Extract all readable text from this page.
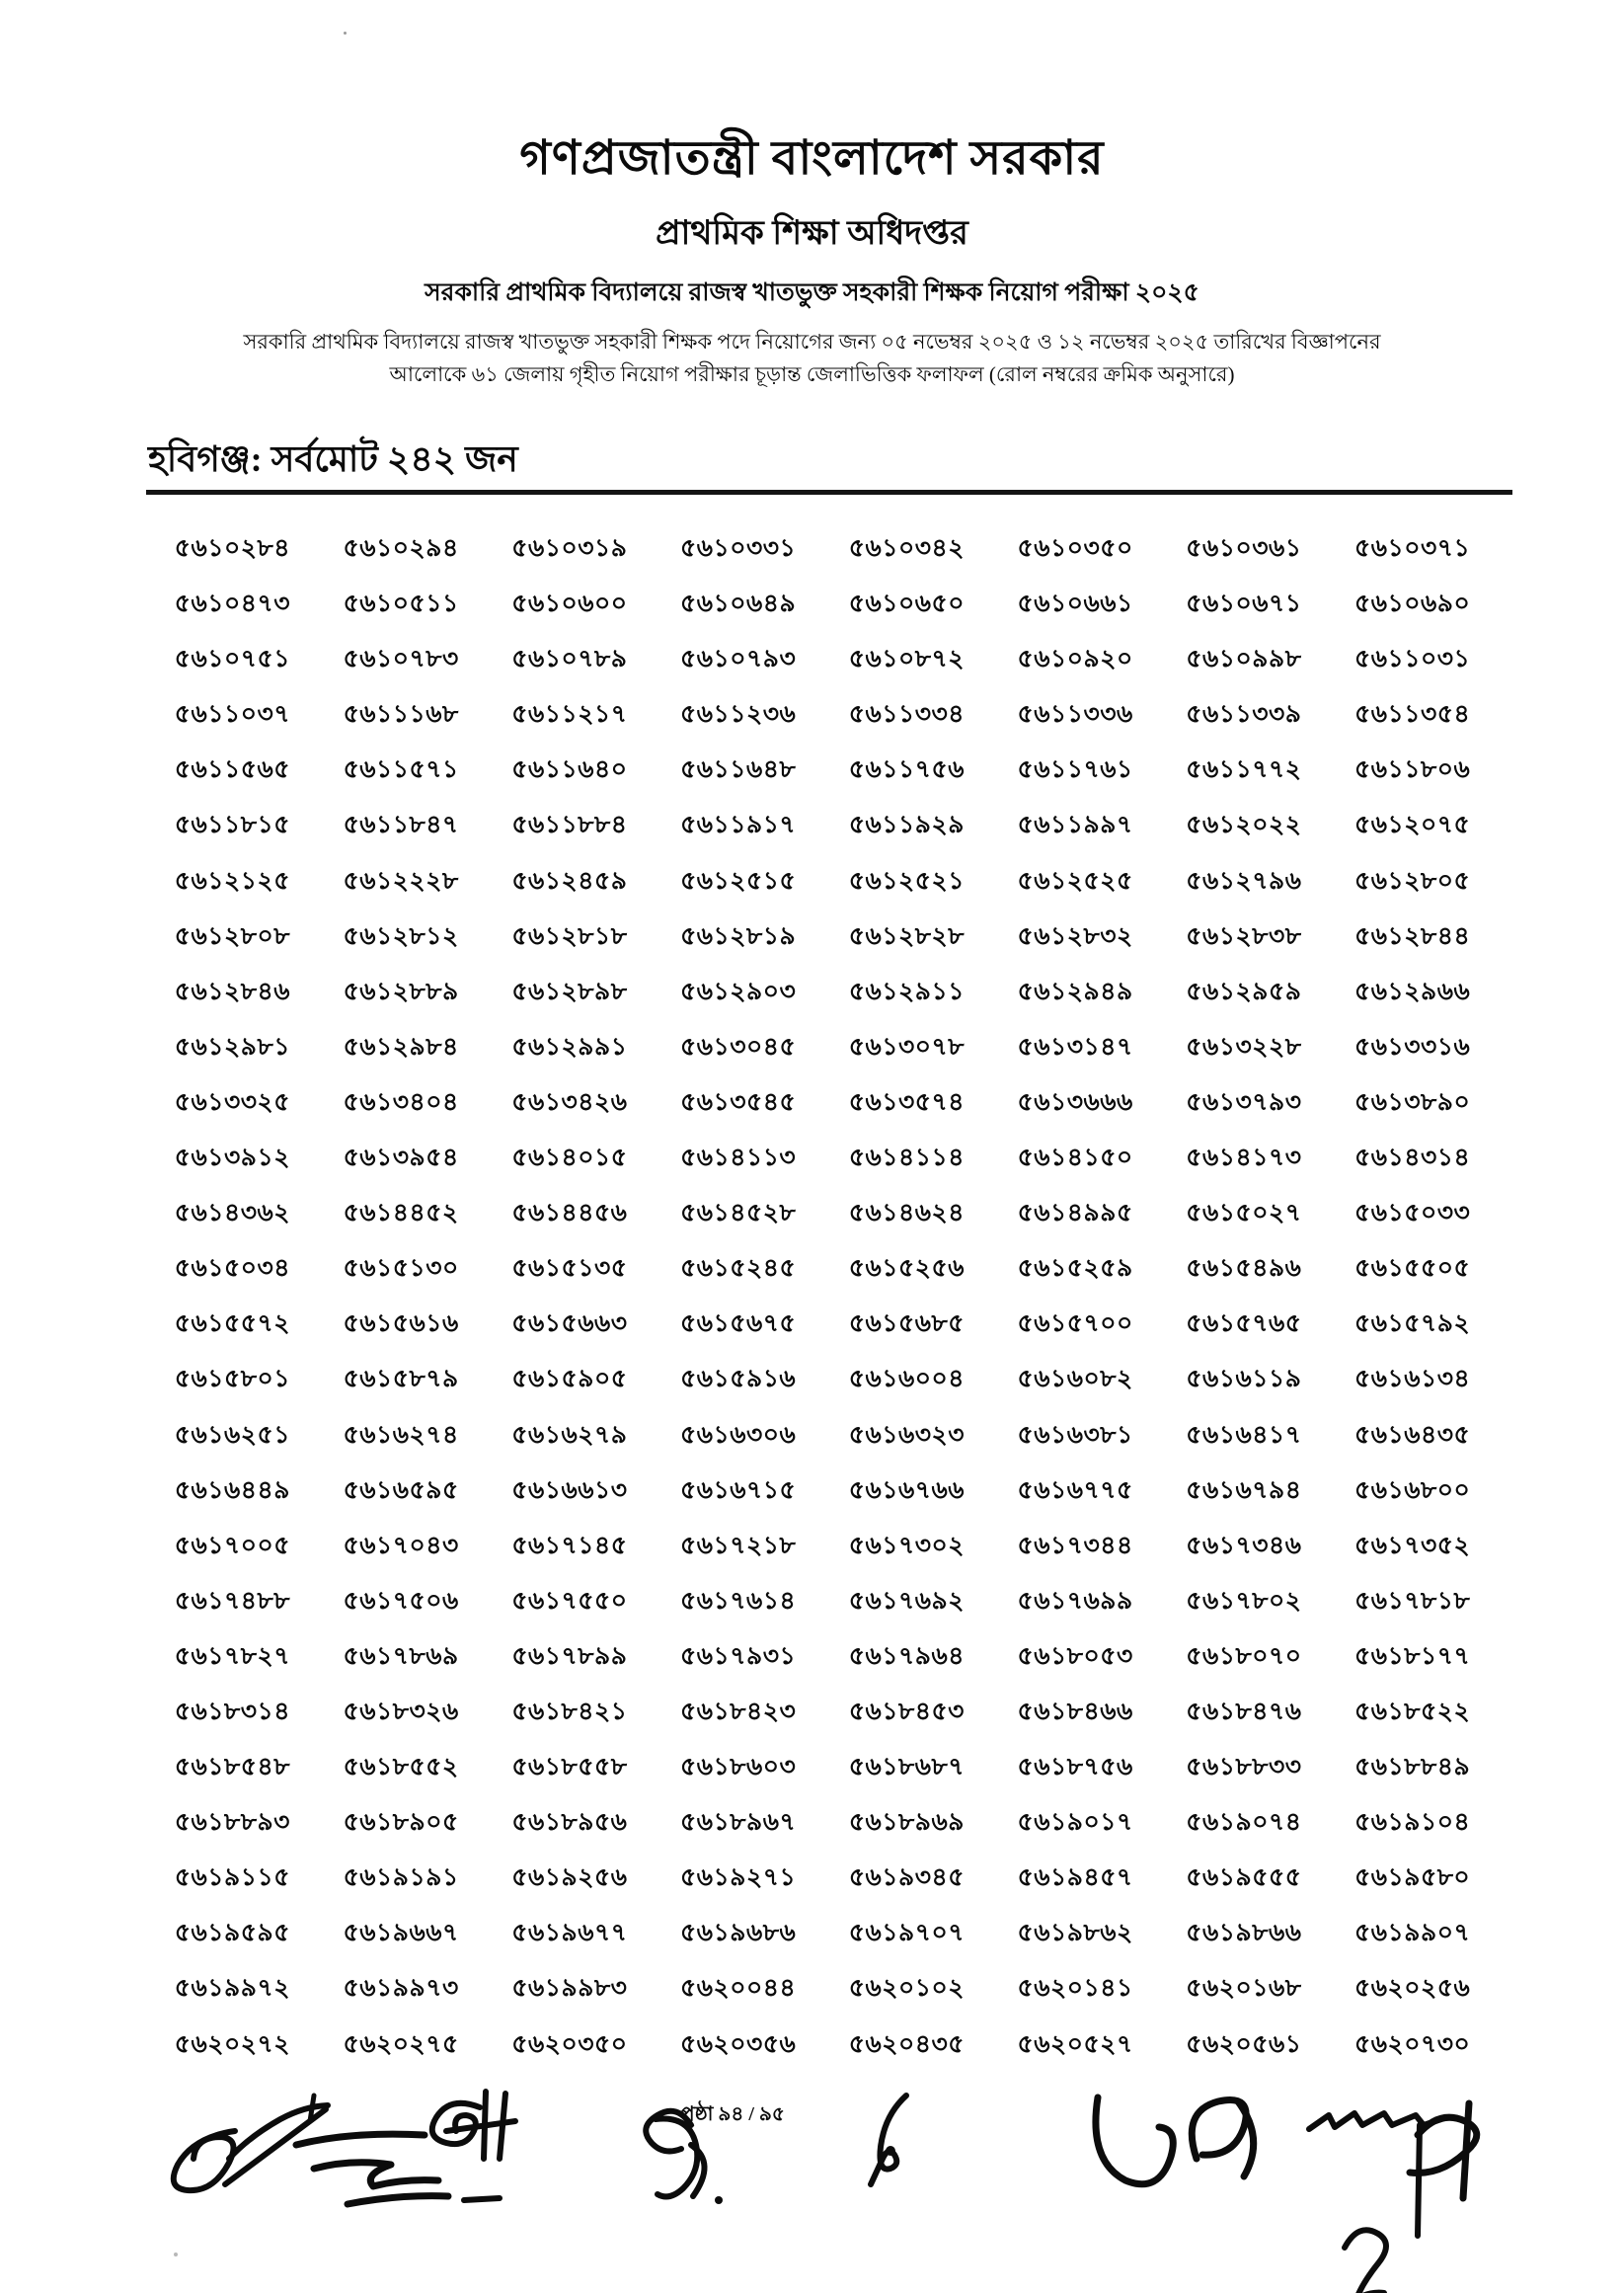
গণপ্রজাতন্ত্রী বাংলাদেশ সরকার
প্রাথমিক শিক্ষা অধিদপ্তর
সরকারি প্রাথমিক বিদ্যালয়ে রাজস্ব খাতভুক্ত সহকারী শিক্ষক নিয়োগ পরীক্ষা ২০২৫
সরকারি প্রাথমিক বিদ্যালয়ে রাজস্ব খাতভুক্ত সহকারী শিক্ষক পদে নিয়োগের জন্য ০৫ নভেম্বর ২০২৫ ও ১২ নভেম্বর ২০২৫ তারিখের বিজ্ঞাপনের
আলোকে ৬১ জেলায় গৃহীত নিয়োগ পরীক্ষার চূড়ান্ত জেলাভিত্তিক ফলাফল (রোল নম্বরের ক্রমিক অনুসারে)
হবিগঞ্জ: সর্বমোট ২৪২ জন
৫৬১০২৮৪	৫৬১০২৯৪	৫৬১০৩১৯	৫৬১০৩৩১	৫৬১০৩৪২	৫৬১০৩৫০	৫৬১০৩৬১	৫৬১০৩৭১
৫৬১০৪৭৩	৫৬১০৫১১	৫৬১০৬০০	৫৬১০৬৪৯	৫৬১০৬৫০	৫৬১০৬৬১	৫৬১০৬৭১	৫৬১০৬৯০
৫৬১০৭৫১	৫৬১০৭৮৩	৫৬১০৭৮৯	৫৬১০৭৯৩	৫৬১০৮৭২	৫৬১০৯২০	৫৬১০৯৯৮	৫৬১১০৩১
৫৬১১০৩৭	৫৬১১১৬৮	৫৬১১২১৭	৫৬১১২৩৬	৫৬১১৩৩৪	৫৬১১৩৩৬	৫৬১১৩৩৯	৫৬১১৩৫৪
৫৬১১৫৬৫	৫৬১১৫৭১	৫৬১১৬৪০	৫৬১১৬৪৮	৫৬১১৭৫৬	৫৬১১৭৬১	৫৬১১৭৭২	৫৬১১৮০৬
৫৬১১৮১৫	৫৬১১৮৪৭	৫৬১১৮৮৪	৫৬১১৯১৭	৫৬১১৯২৯	৫৬১১৯৯৭	৫৬১২০২২	৫৬১২০৭৫
৫৬১২১২৫	৫৬১২২২৮	৫৬১২৪৫৯	৫৬১২৫১৫	৫৬১২৫২১	৫৬১২৫২৫	৫৬১২৭৯৬	৫৬১২৮০৫
৫৬১২৮০৮	৫৬১২৮১২	৫৬১২৮১৮	৫৬১২৮১৯	৫৬১২৮২৮	৫৬১২৮৩২	৫৬১২৮৩৮	৫৬১২৮৪৪
৫৬১২৮৪৬	৫৬১২৮৮৯	৫৬১২৮৯৮	৫৬১২৯০৩	৫৬১২৯১১	৫৬১২৯৪৯	৫৬১২৯৫৯	৫৬১২৯৬৬
৫৬১২৯৮১	৫৬১২৯৮৪	৫৬১২৯৯১	৫৬১৩০৪৫	৫৬১৩০৭৮	৫৬১৩১৪৭	৫৬১৩২২৮	৫৬১৩৩১৬
৫৬১৩৩২৫	৫৬১৩৪০৪	৫৬১৩৪২৬	৫৬১৩৫৪৫	৫৬১৩৫৭৪	৫৬১৩৬৬৬	৫৬১৩৭৯৩	৫৬১৩৮৯০
৫৬১৩৯১২	৫৬১৩৯৫৪	৫৬১৪০১৫	৫৬১৪১১৩	৫৬১৪১১৪	৫৬১৪১৫০	৫৬১৪১৭৩	৫৬১৪৩১৪
৫৬১৪৩৬২	৫৬১৪৪৫২	৫৬১৪৪৫৬	৫৬১৪৫২৮	৫৬১৪৬২৪	৫৬১৪৯৯৫	৫৬১৫০২৭	৫৬১৫০৩৩
৫৬১৫০৩৪	৫৬১৫১৩০	৫৬১৫১৩৫	৫৬১৫২৪৫	৫৬১৫২৫৬	৫৬১৫২৫৯	৫৬১৫৪৯৬	৫৬১৫৫০৫
৫৬১৫৫৭২	৫৬১৫৬১৬	৫৬১৫৬৬৩	৫৬১৫৬৭৫	৫৬১৫৬৮৫	৫৬১৫৭০০	৫৬১৫৭৬৫	৫৬১৫৭৯২
৫৬১৫৮০১	৫৬১৫৮৭৯	৫৬১৫৯০৫	৫৬১৫৯১৬	৫৬১৬০০৪	৫৬১৬০৮২	৫৬১৬১১৯	৫৬১৬১৩৪
৫৬১৬২৫১	৫৬১৬২৭৪	৫৬১৬২৭৯	৫৬১৬৩০৬	৫৬১৬৩২৩	৫৬১৬৩৮১	৫৬১৬৪১৭	৫৬১৬৪৩৫
৫৬১৬৪৪৯	৫৬১৬৫৯৫	৫৬১৬৬১৩	৫৬১৬৭১৫	৫৬১৬৭৬৬	৫৬১৬৭৭৫	৫৬১৬৭৯৪	৫৬১৬৮০০
৫৬১৭০০৫	৫৬১৭০৪৩	৫৬১৭১৪৫	৫৬১৭২১৮	৫৬১৭৩০২	৫৬১৭৩৪৪	৫৬১৭৩৪৬	৫৬১৭৩৫২
৫৬১৭৪৮৮	৫৬১৭৫০৬	৫৬১৭৫৫০	৫৬১৭৬১৪	৫৬১৭৬৯২	৫৬১৭৬৯৯	৫৬১৭৮০২	৫৬১৭৮১৮
৫৬১৭৮২৭	৫৬১৭৮৬৯	৫৬১৭৮৯৯	৫৬১৭৯৩১	৫৬১৭৯৬৪	৫৬১৮০৫৩	৫৬১৮০৭০	৫৬১৮১৭৭
৫৬১৮৩১৪	৫৬১৮৩২৬	৫৬১৮৪২১	৫৬১৮৪২৩	৫৬১৮৪৫৩	৫৬১৮৪৬৬	৫৬১৮৪৭৬	৫৬১৮৫২২
৫৬১৮৫৪৮	৫৬১৮৫৫২	৫৬১৮৫৫৮	৫৬১৮৬০৩	৫৬১৮৬৮৭	৫৬১৮৭৫৬	৫৬১৮৮৩৩	৫৬১৮৮৪৯
৫৬১৮৮৯৩	৫৬১৮৯০৫	৫৬১৮৯৫৬	৫৬১৮৯৬৭	৫৬১৮৯৬৯	৫৬১৯০১৭	৫৬১৯০৭৪	৫৬১৯১০৪
৫৬১৯১১৫	৫৬১৯১৯১	৫৬১৯২৫৬	৫৬১৯২৭১	৫৬১৯৩৪৫	৫৬১৯৪৫৭	৫৬১৯৫৫৫	৫৬১৯৫৮০
৫৬১৯৫৯৫	৫৬১৯৬৬৭	৫৬১৯৬৭৭	৫৬১৯৬৮৬	৫৬১৯৭০৭	৫৬১৯৮৬২	৫৬১৯৮৬৬	৫৬১৯৯০৭
৫৬১৯৯৭২	৫৬১৯৯৭৩	৫৬১৯৯৮৩	৫৬২০০৪৪	৫৬২০১০২	৫৬২০১৪১	৫৬২০১৬৮	৫৬২০২৫৬
৫৬২০২৭২	৫৬২০২৭৫	৫৬২০৩৫০	৫৬২০৩৫৬	৫৬২০৪৩৫	৫৬২০৫২৭	৫৬২০৫৬১	৫৬২০৭৩০
পৃষ্ঠা ৯৪ / ৯৫
